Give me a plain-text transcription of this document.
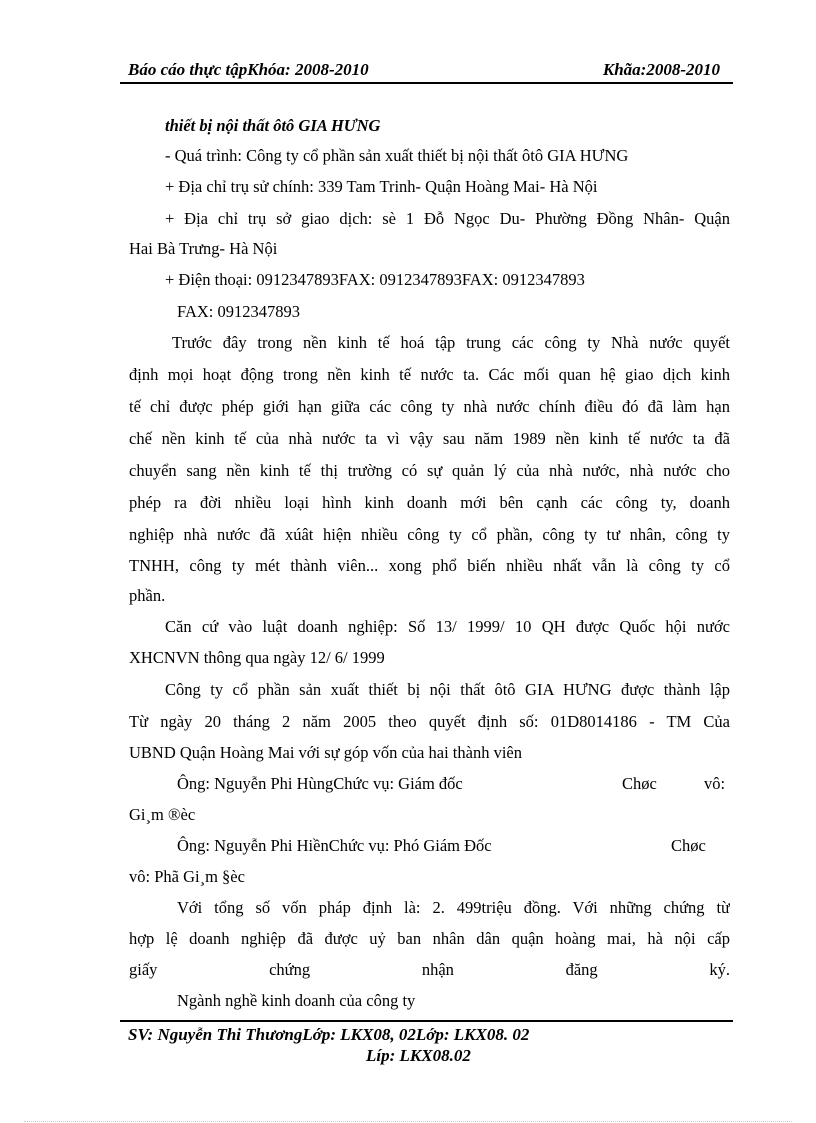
Báo cáo thực tậpKhóa: 2008-2010	Khãa:2008-2010
thiết bị nội thất ôtô GIA HƯNG
- Quá trình: Công ty cổ phần sản xuất thiết bị nội thất ôtô GIA HƯNG
+ Địa chỉ trụ sử chính: 339 Tam Trinh- Quận Hoàng Mai- Hà Nội
+ Địa chỉ trụ sở giao dịch: sè 1 Đỗ Ngọc Du- Phường Đồng Nhân- Quận
Hai Bà Trưng- Hà Nội
+ Điện thoại: 0912347893FAX: 0912347893FAX: 0912347893
FAX: 0912347893
Trước đây trong nền kinh tế hoá tập trung các công ty Nhà nước quyết
định mọi hoạt động trong nền kinh tế nước ta. Các mối quan hệ giao dịch kinh
tế chỉ được phép giới hạn giữa các công ty nhà nước chính điều đó đã làm hạn
chế nền kinh tế của nhà nước ta vì vậy sau năm 1989 nền kinh tế nước ta đã
chuyển sang nền kinh tế thị trường có sự quản lý của nhà nước, nhà nước cho
phép ra đời nhiều loại hình kinh doanh mới bên cạnh các công ty, doanh
nghiệp nhà nước đã xúât hiện nhiều công ty cổ phần, công ty tư nhân, công ty
TNHH, công ty mét thành viên... xong phổ biến nhiều nhất vẫn là công ty cổ
phần.
Căn cứ vào luật doanh nghiệp: Số 13/ 1999/ 10 QH được Quốc hội nước
XHCNVN thông qua ngày 12/ 6/ 1999
Công ty cổ phần sản xuất thiết bị nội thất ôtô GIA HƯNG được thành lập
Từ ngày 20 tháng 2 năm 2005 theo quyết định số: 01D8014186 - TM Của
UBND Quận Hoàng Mai với sự góp vốn của hai thành viên
Ông: Nguyễn Phi HùngChức vụ: Giám đốc	Chøc	vô:
Gi¸m ®èc
Ông: Nguyễn Phi HiềnChức vụ: Phó Giám Đốc	Chøc
vô: Phã Gi¸m §èc
Với tổng số vốn pháp định là: 2. 499triệu đồng. Với những chứng từ
hợp lệ doanh nghiệp đã được uỷ ban nhân dân quận hoàng mai, hà nội cấp
giấy chứng nhận đăng ký.
Ngành nghề kinh doanh của công ty
SV: Nguyễn Thi ThươngLớp: LKX08, 02Lớp: LKX08. 02
Líp: LKX08.02
